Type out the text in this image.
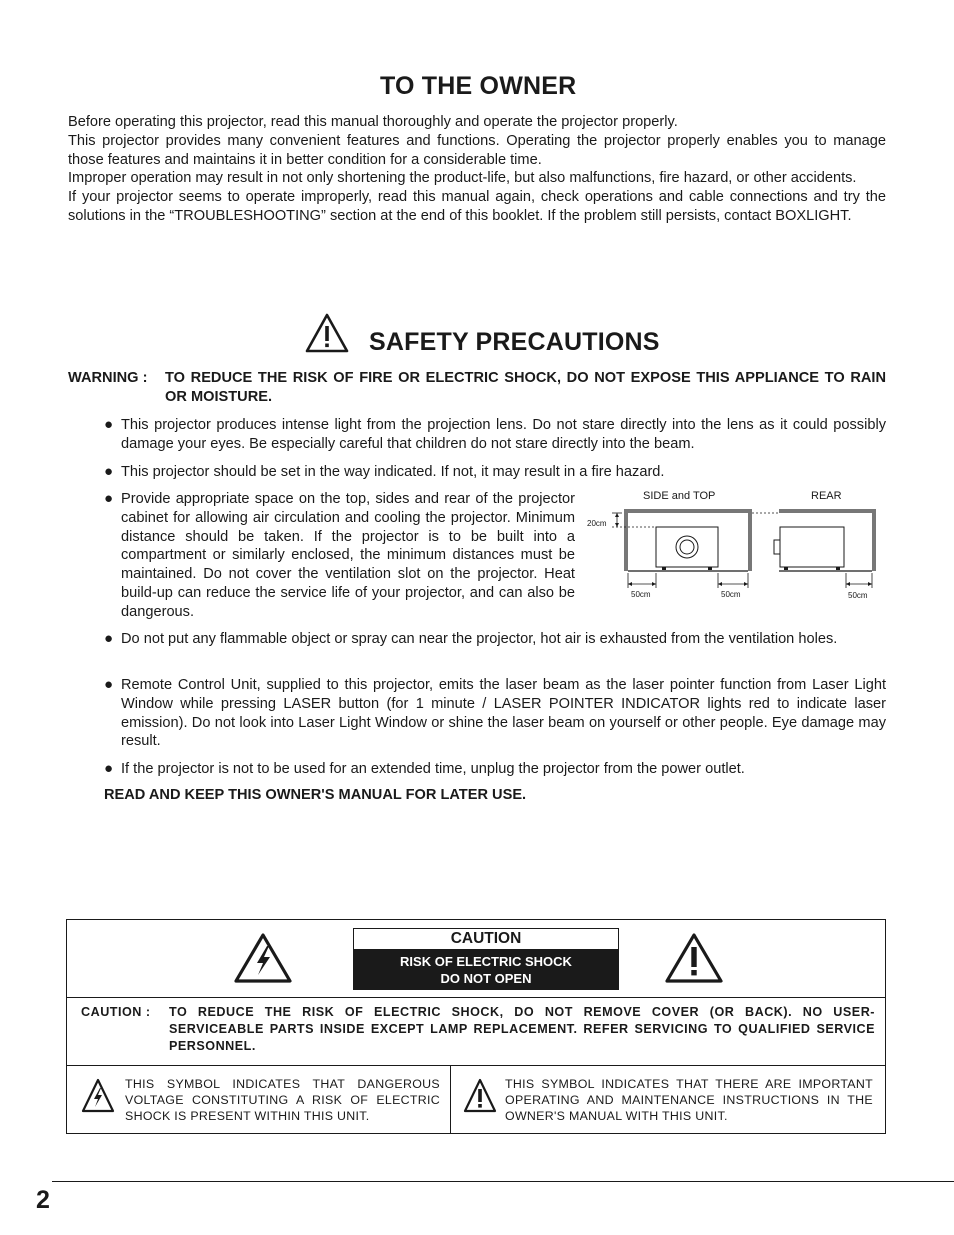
TO THE OWNER

Before operating this projector, read this manual thoroughly and operate the projector properly.

This projector provides many convenient features and functions. Operating the projector properly enables you to manage those features and maintains it in better condition for a considerable time.

Improper operation may result in not only shortening the product-life, but also malfunctions, fire hazard, or other accidents.

If your projector seems to operate improperly, read this manual again, check operations and cable connections and try the solutions in the “TROUBLESHOOTING” section at the end of this booklet. If the problem still persists, contact BOXLIGHT.

SAFETY PRECAUTIONS
WARNING : TO REDUCE THE RISK OF FIRE OR ELECTRIC SHOCK, DO NOT EXPOSE THIS APPLIANCE TO RAIN OR MOISTURE.
● This projector produces intense light from the projection lens. Do not stare directly into the lens as it could possibly damage your eyes. Be especially careful that children do not stare directly into the beam.
● This projector should be set in the way indicated. If not, it may result in a fire hazard.
● Provide appropriate space on the top, sides and rear of the projector cabinet for allowing air circulation and cooling the projector. Minimum distance should be taken. If the projector is to be built into a compartment or similarly enclosed, the minimum distances must be maintained. Do not cover the ventilation slot on the projector. Heat build-up can reduce the service life of your projector, and can also be dangerous.
SIDE and TOP	REAR
20cm
50cm	50cm	50cm
● Do not put any flammable object or spray can near the projector, hot air is exhausted from the ventilation holes.
● Remote Control Unit, supplied to this projector, emits the laser beam as the laser pointer function from Laser Light Window while pressing LASER button (for 1 minute / LASER POINTER INDICATOR lights red to indicate laser emission). Do not look into Laser Light Window or shine the laser beam on yourself or other people. Eye damage may result.
● If the projector is not to be used for an extended time, unplug the projector from the power outlet.
READ AND KEEP THIS OWNER'S MANUAL FOR LATER USE.
CAUTION
RISK OF ELECTRIC SHOCK
DO NOT OPEN
CAUTION : TO REDUCE THE RISK OF ELECTRIC SHOCK, DO NOT REMOVE COVER (OR BACK). NO USER-SERVICEABLE PARTS INSIDE EXCEPT LAMP REPLACEMENT. REFER SERVICING TO QUALIFIED SERVICE PERSONNEL.
THIS SYMBOL INDICATES THAT DANGEROUS VOLTAGE CONSTITUTING A RISK OF ELECTRIC SHOCK IS PRESENT WITHIN THIS UNIT.
THIS SYMBOL INDICATES THAT THERE ARE IMPORTANT OPERATING AND MAINTENANCE INSTRUCTIONS IN THE OWNER'S MANUAL WITH THIS UNIT.
2
